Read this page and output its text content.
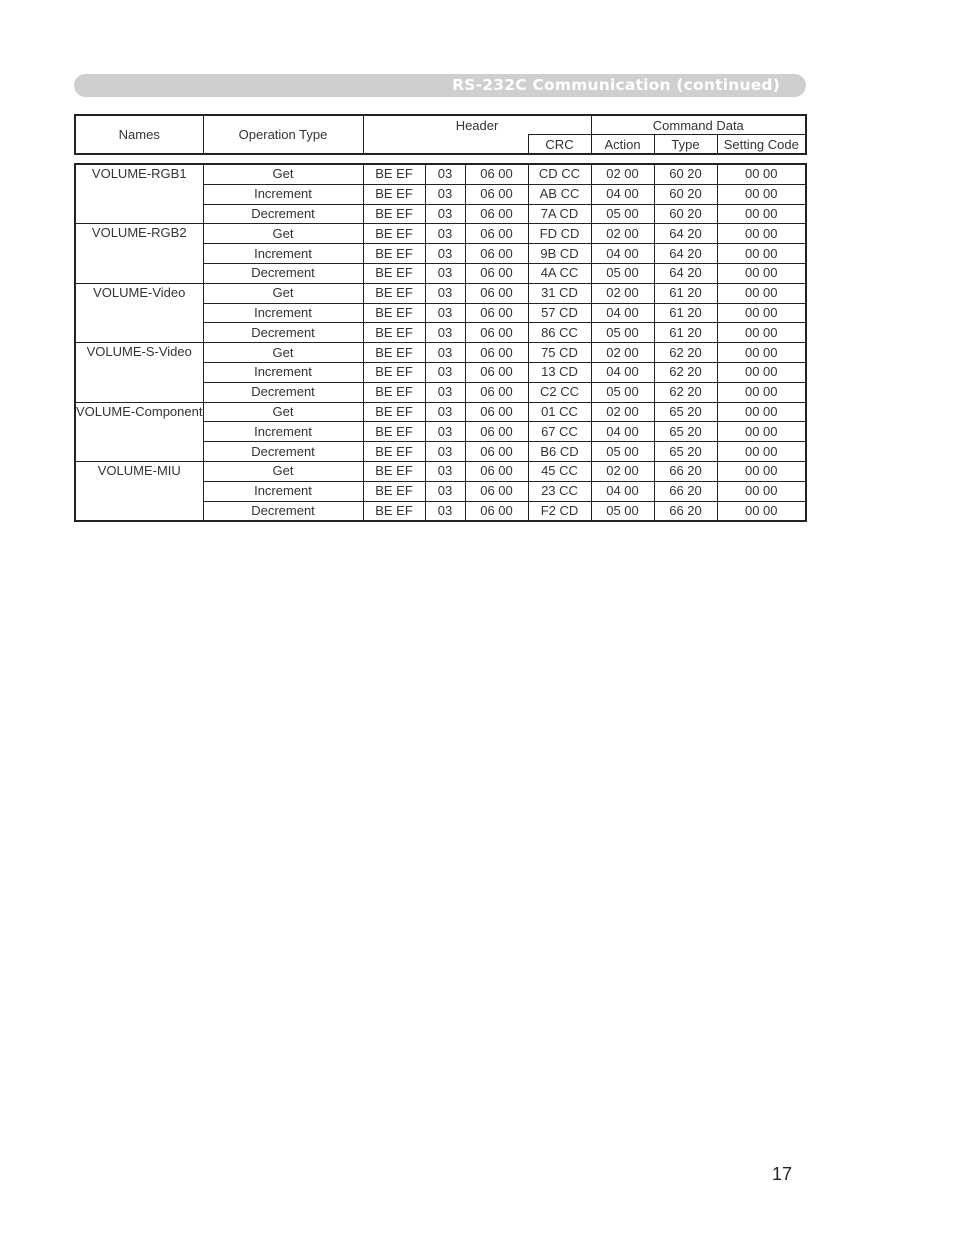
RS-232C Communication (continued)
Names	Operation Type	Header		Command Data		
			CRC	Action	Type	Setting Code
VOLUME-RGB1	Get	BE EF	03	06 00	CD CC	02 00	60 20	00 00
	Increment	BE EF	03	06 00	AB CC	04 00	60 20	00 00
	Decrement	BE EF	03	06 00	7A CD	05 00	60 20	00 00
VOLUME-RGB2	Get	BE EF	03	06 00	FD CD	02 00	64 20	00 00
	Increment	BE EF	03	06 00	9B CD	04 00	64 20	00 00
	Decrement	BE EF	03	06 00	4A CC	05 00	64 20	00 00
VOLUME-Video	Get	BE EF	03	06 00	31 CD	02 00	61 20	00 00
	Increment	BE EF	03	06 00	57 CD	04 00	61 20	00 00
	Decrement	BE EF	03	06 00	86 CC	05 00	61 20	00 00
VOLUME-S-Video	Get	BE EF	03	06 00	75 CD	02 00	62 20	00 00
	Increment	BE EF	03	06 00	13 CD	04 00	62 20	00 00
	Decrement	BE EF	03	06 00	C2 CC	05 00	62 20	00 00
VOLUME-Component	Get	BE EF	03	06 00	01 CC	02 00	65 20	00 00
	Increment	BE EF	03	06 00	67 CC	04 00	65 20	00 00
	Decrement	BE EF	03	06 00	B6 CD	05 00	65 20	00 00
VOLUME-MIU	Get	BE EF	03	06 00	45 CC	02 00	66 20	00 00
	Increment	BE EF	03	06 00	23 CC	04 00	66 20	00 00
	Decrement	BE EF	03	06 00	F2 CD	05 00	66 20	00 00
17
